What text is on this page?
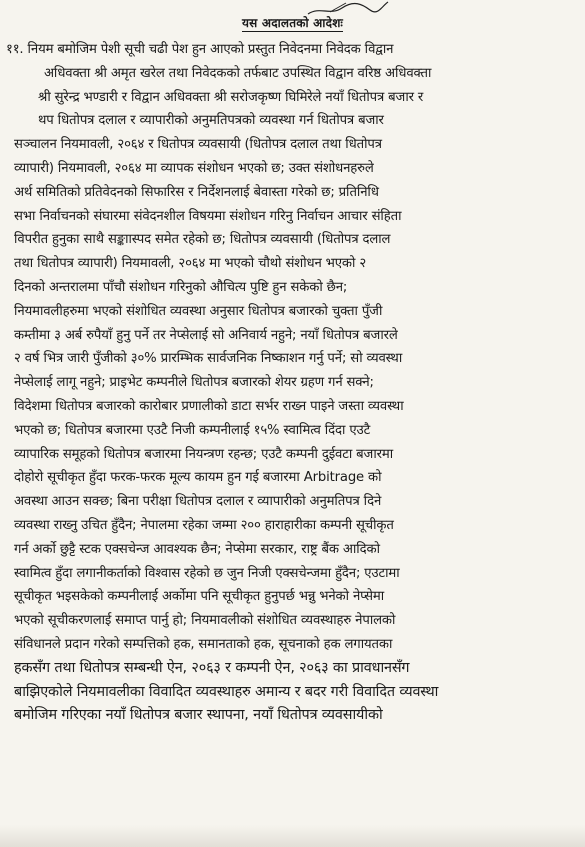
यस अदालतको आदेशः
११. नियम बमोजिम पेशी सूची चढी पेश हुन आएको प्रस्तुत निवेदनमा निवेदक विद्वान
अधिवक्ता श्री अमृत खरेल तथा निवेदकको तर्फबाट उपस्थित विद्वान वरिष्ठ अधिवक्ता
श्री सुरेन्द्र भण्डारी र विद्वान अधिवक्ता श्री सरोजकृष्ण घिमिरेले नयाँ धितोपत्र बजार र
थप धितोपत्र दलाल र व्यापारीको अनुमतिपत्रको व्यवस्था गर्न धितोपत्र बजार
सञ्चालन नियमावली, २०६४ र धितोपत्र व्यवसायी (धितोपत्र दलाल तथा धितोपत्र
व्यापारी) नियमावली, २०६४ मा व्यापक संशोधन भएको छ; उक्त संशोधनहरुले
अर्थ समितिको प्रतिवेदनको सिफारिस र निर्देशनलाई बेवास्ता गरेको छ; प्रतिनिधि
सभा निर्वाचनको संघारमा संवेदनशील विषयमा संशोधन गरिनु निर्वाचन आचार संहिता
विपरीत हुनुका साथै सङ्काास्पद समेत रहेको छ; धितोपत्र व्यवसायी (धितोपत्र दलाल
तथा धितोपत्र व्यापारी) नियमावली, २०६४ मा भएको चौथो संशोधन भएको २
दिनको अन्तरालमा पाँचौ संशोधन गरिनुको औचित्य पुष्टि हुन सकेको छैन;
नियमावलीहरुमा भएको संशोधित व्यवस्था अनुसार धितोपत्र बजारको चुक्ता पुँजी
कम्तीमा ३ अर्ब रुपैयाँ हुनु पर्ने तर नेप्सेलाई सो अनिवार्य नहुने; नयाँ धितोपत्र बजारले
२ वर्ष भित्र जारी पुँजीको ३०% प्रारम्भिक सार्वजनिक निष्काशन गर्नु पर्ने; सो व्यवस्था
नेप्सेलाई लागू नहुने; प्राइभेट कम्पनीले धितोपत्र बजारको शेयर ग्रहण गर्न सक्ने;
विदेशमा धितोपत्र बजारको कारोबार प्रणालीको डाटा सर्भर राख्न पाइने जस्ता व्यवस्था
भएको छ; धितोपत्र बजारमा एउटै निजी कम्पनीलाई १५% स्वामित्व दिंदा एउटै
व्यापारिक समूहको धितोपत्र बजारमा नियन्त्रण रहन्छ; एउटै कम्पनी दुईवटा बजारमा
दोहोरो सूचीकृत हुँदा फरक-फरक मूल्य कायम हुन गई बजारमा Arbitrage को
अवस्था आउन सक्छ; बिना परीक्षा धितोपत्र दलाल र व्यापारीको अनुमतिपत्र दिने
व्यवस्था राख्नु उचित हुँदैन; नेपालमा रहेका जम्मा २०० हाराहारीका कम्पनी सूचीकृत
गर्न अर्को छुट्टै स्टक एक्सचेन्ज आवश्यक छैन; नेप्सेमा सरकार, राष्ट्र बैंक आदिको
स्वामित्व हुँदा लगानीकर्ताको विश्वास रहेको छ जुन निजी एक्सचेन्जमा हुँदैन; एउटामा
सूचीकृत भइसकेको कम्पनीलाई अर्कोमा पनि सूचीकृत हुनुपर्छ भन्नु भनेको नेप्सेमा
भएको सूचीकरणलाई समाप्त पार्नु हो; नियमावलीको संशोधित व्यवस्थाहरु नेपालको
संविधानले प्रदान गरेको सम्पत्तिको हक, समानताको हक, सूचनाको हक लगायतका
हकसँग तथा धितोपत्र सम्बन्धी ऐन, २०६३ र कम्पनी ऐन, २०६३ का प्रावधानसँग
बाझिएकोले नियमावलीका विवादित व्यवस्थाहरु अमान्य र बदर गरी विवादित व्यवस्था
बमोजिम गरिएका नयाँ धितोपत्र बजार स्थापना, नयाँ धितोपत्र व्यवसायीको
